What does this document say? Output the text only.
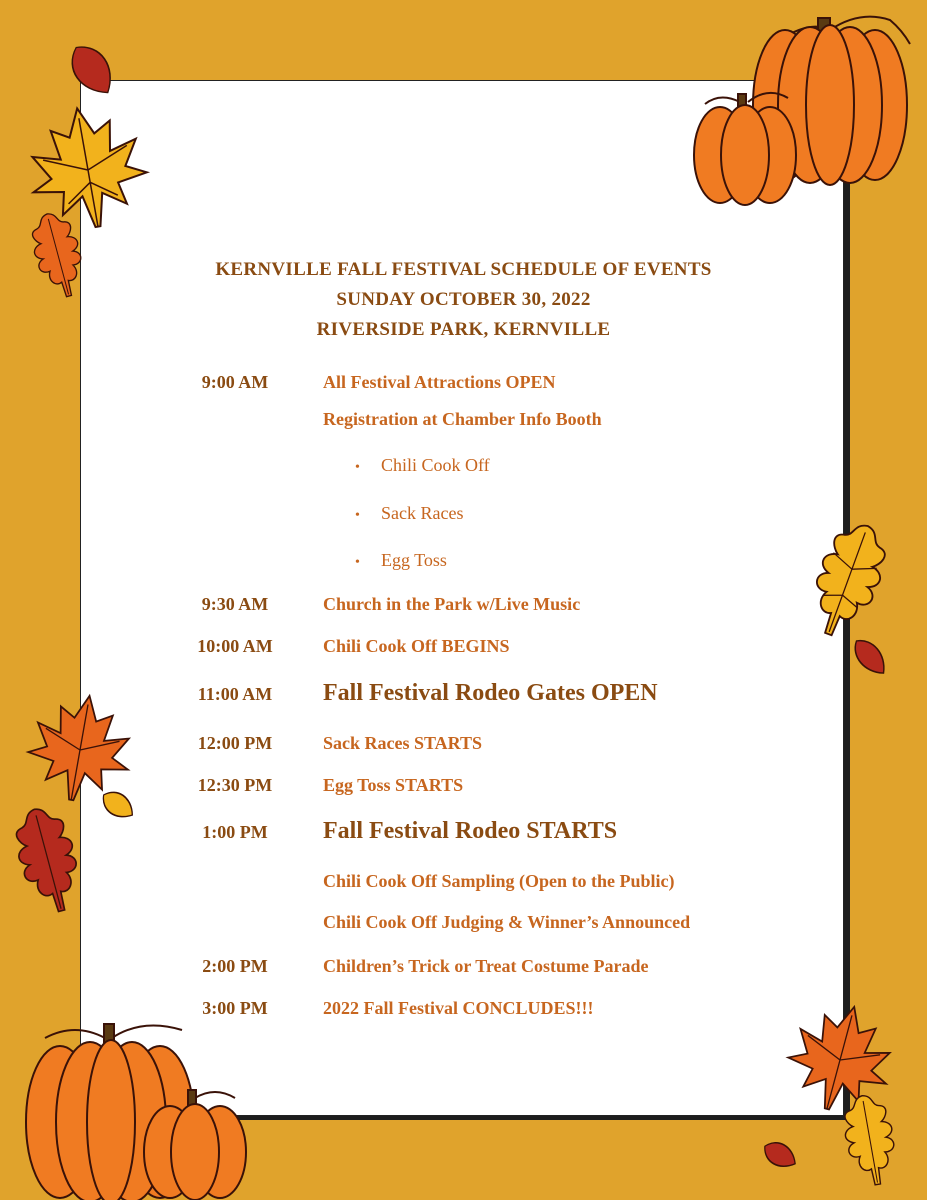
KERNVILLE FALL FESTIVAL SCHEDULE OF EVENTS
SUNDAY OCTOBER 30, 2022
RIVERSIDE PARK, KERNVILLE
9:00 AM	All Festival Attractions OPEN
Registration at Chamber Info Booth
• Chili Cook Off
• Sack Races
• Egg Toss
9:30 AM	Church in the Park w/Live Music
10:00 AM	Chili Cook Off BEGINS
11:00 AM	Fall Festival Rodeo Gates OPEN
12:00 PM	Sack Races STARTS
12:30 PM	Egg Toss STARTS
1:00 PM	Fall Festival Rodeo STARTS
Chili Cook Off Sampling (Open to the Public)
Chili Cook Off Judging & Winner’s Announced
2:00 PM	Children’s Trick or Treat Costume Parade
3:00 PM	2022 Fall Festival CONCLUDES!!!
